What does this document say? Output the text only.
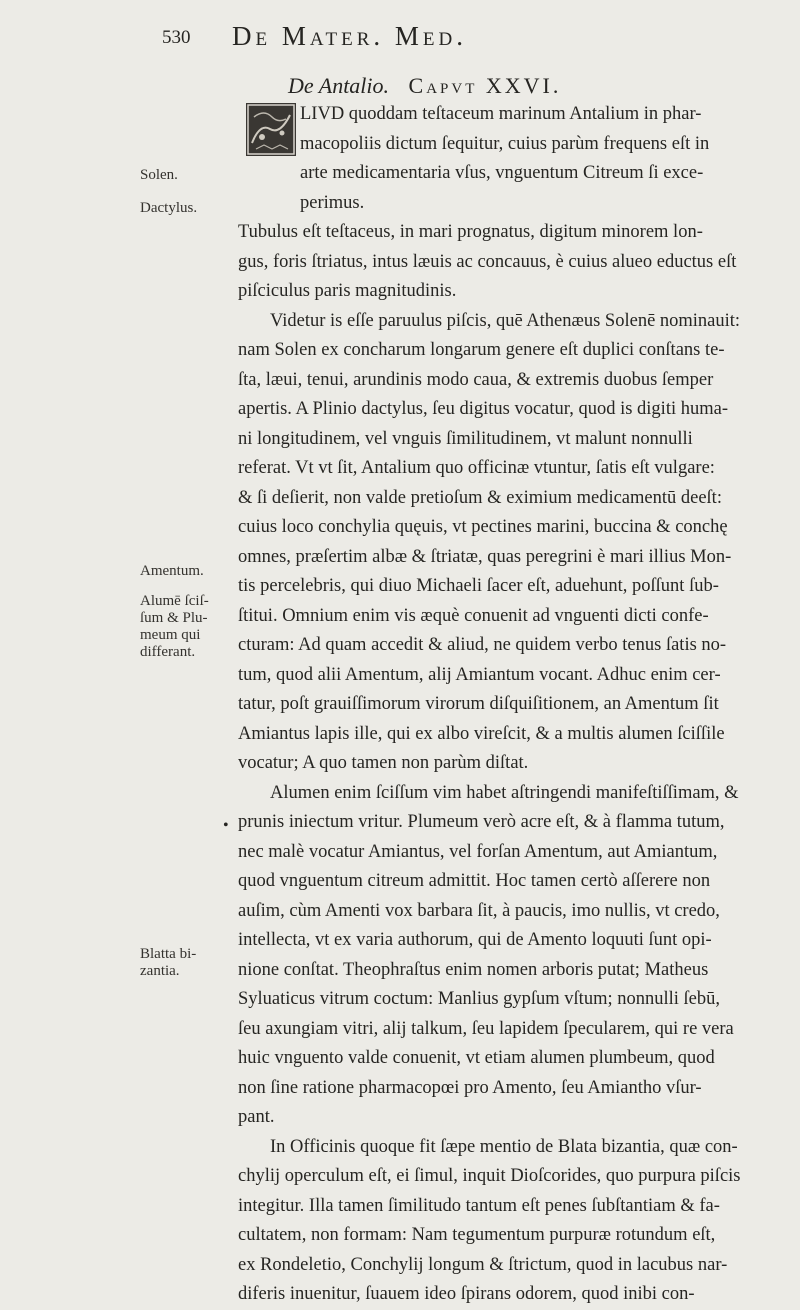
530 De Mater. Med.
De Antalio. Capvt XXVI.
LIVD quoddam teſtaceum marinum Antalium in phar-
macopoliis dictum ſequitur, cuius parùm frequens eſt in
arte medicamentaria vſus, vnguentum Citreum ſi exce-
perimus.
Tubulus eſt teſtaceus, in mari prognatus, digitum minorem lon-
gus, foris ſtriatus, intus læuis ac concauus, è cuius alueo eductus eſt
piſciculus paris magnitudinis.
Videtur is eſſe paruulus piſcis, quē Athenæus Solenē nominauit:
nam Solen ex concharum longarum genere eſt duplici conſtans te-
ſta, læui, tenui, arundinis modo caua, & extremis duobus ſemper
apertis. A Plinio dactylus, ſeu digitus vocatur, quod is digiti huma-
ni longitudinem, vel vnguis ſimilitudinem, vt malunt nonnulli
referat. Vt vt ſit, Antalium quo officinæ vtuntur, ſatis eſt vulgare:
& ſi deſierit, non valde pretioſum & eximium medicamentū deeſt:
cuius loco conchylia quęuis, vt pectines marini, buccina & conchę
omnes, præſertim albæ & ſtriatæ, quas peregrini è mari illius Mon-
tis percelebris, qui diuo Michaeli ſacer eſt, aduehunt, poſſunt ſub-
ſtitui. Omnium enim vis æquè conuenit ad vnguenti dicti confe-
cturam: Ad quam accedit & aliud, ne quidem verbo tenus ſatis no-
tum, quod alii Amentum, alij Amiantum vocant. Adhuc enim cer-
tatur, poſt grauiſſimorum virorum diſquiſitionem, an Amentum ſit
Amiantus lapis ille, qui ex albo vireſcit, & a multis alumen ſciſſile
vocatur; A quo tamen non parùm diſtat.
Alumen enim ſciſſum vim habet aſtringendi manifeſtiſſimam, &
prunis iniectum vritur. Plumeum verò acre eſt, & à flamma tutum,
nec malè vocatur Amiantus, vel forſan Amentum, aut Amiantum,
quod vnguentum citreum admittit. Hoc tamen certò aſſerere non
auſim, cùm Amenti vox barbara ſit, à paucis, imo nullis, vt credo,
intellecta, vt ex varia authorum, qui de Amento loquuti ſunt opi-
nione conſtat. Theophraſtus enim nomen arboris putat; Matheus
Syluaticus vitrum coctum: Manlius gypſum vſtum; nonnulli ſebū,
ſeu axungiam vitri, alij talkum, ſeu lapidem ſpecularem, qui re vera
huic vnguento valde conuenit, vt etiam alumen plumbeum, quod
non ſine ratione pharmacopœi pro Amento, ſeu Amiantho vſur-
pant.
In Officinis quoque fit ſæpe mentio de Blata bizantia, quæ con-
chylij operculum eſt, ei ſimul, inquit Dioſcorides, quo purpura piſcis
integitur. Illa tamen ſimilitudo tantum eſt penes ſubſtantiam & fa-
cultatem, non formam: Nam tegumentum purpuræ rotundum eſt,
ex Rondeletio, Conchylij longum & ſtrictum, quod in lacubus nar-
diferis inuenitur, ſuauem ideo ſpirans odorem, quod inibi con-
Solen.
Dactylus.
Amentum.
Alumē ſciſ-ſum & Plu-meum qui differant.
Blatta bi-zantia.
•
